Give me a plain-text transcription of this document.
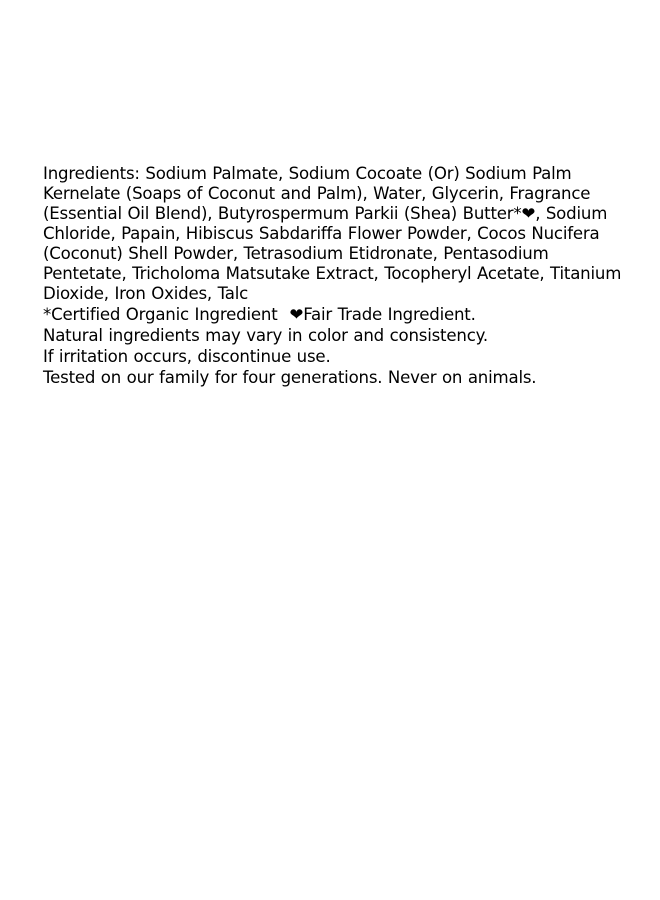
Ingredients: Sodium Palmate, Sodium Cocoate (Or) Sodium Palm Kernelate (Soaps of Coconut and Palm), Water, Glycerin, Fragrance (Essential Oil Blend), Butyrospermum Parkii (Shea) Butter*❤, Sodium Chloride, Papain, Hibiscus Sabdariffa Flower Powder, Cocos Nucifera (Coconut) Shell Powder, Tetrasodium Etidronate, Pentasodium Pentetate, Tricholoma Matsutake Extract, Tocopheryl Acetate, Titanium Dioxide, Iron Oxides, Talc

*Certified Organic Ingredient ❤Fair Trade Ingredient.

Natural ingredients may vary in color and consistency.

If irritation occurs, discontinue use.

Tested on our family for four generations. Never on animals.
